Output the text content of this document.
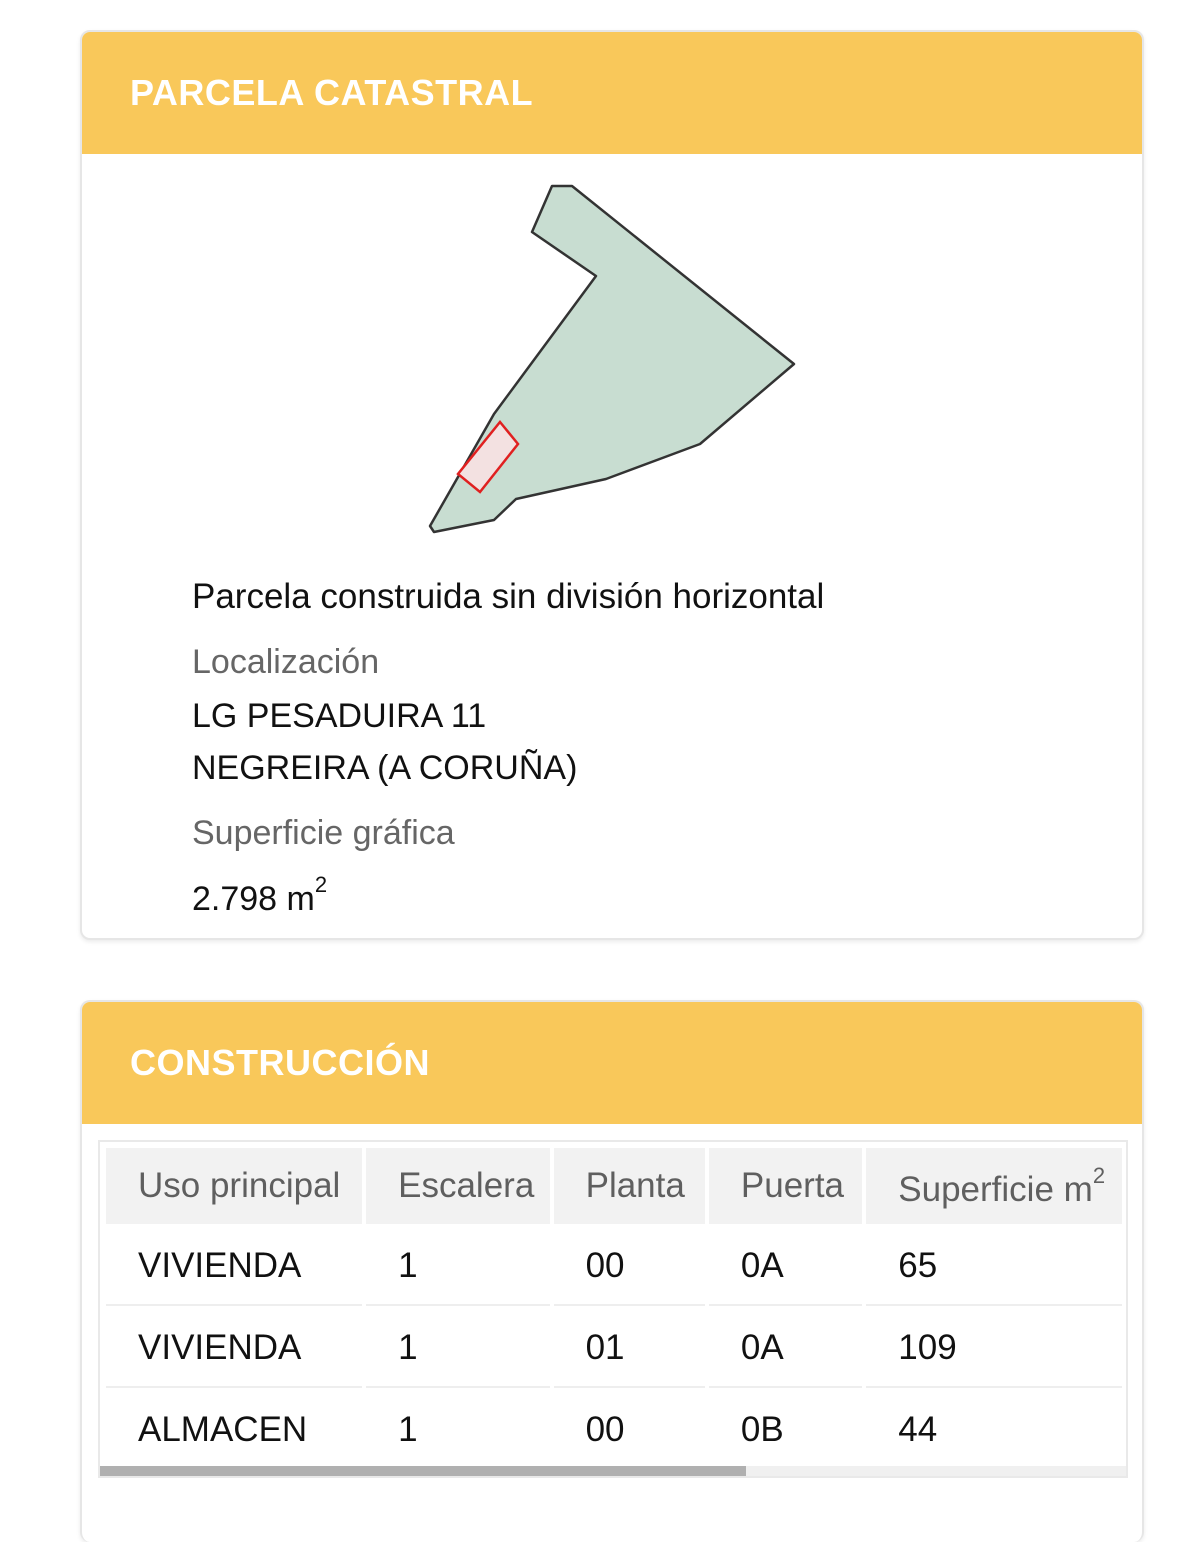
PARCELA CATASTRAL

Parcela construida sin división horizontal

Localización

LG PESADUIRA 11

NEGREIRA (A CORUÑA)

Superficie gráfica

2.798 $m^2$

CONSTRUCCIÓN
Uso principal	Escalera	Planta	Puerta	Superficie $m^2$
VIVIENDA	1	00	0A	65
VIVIENDA	1	01	0A	109
ALMACEN	1	00	0B	44
